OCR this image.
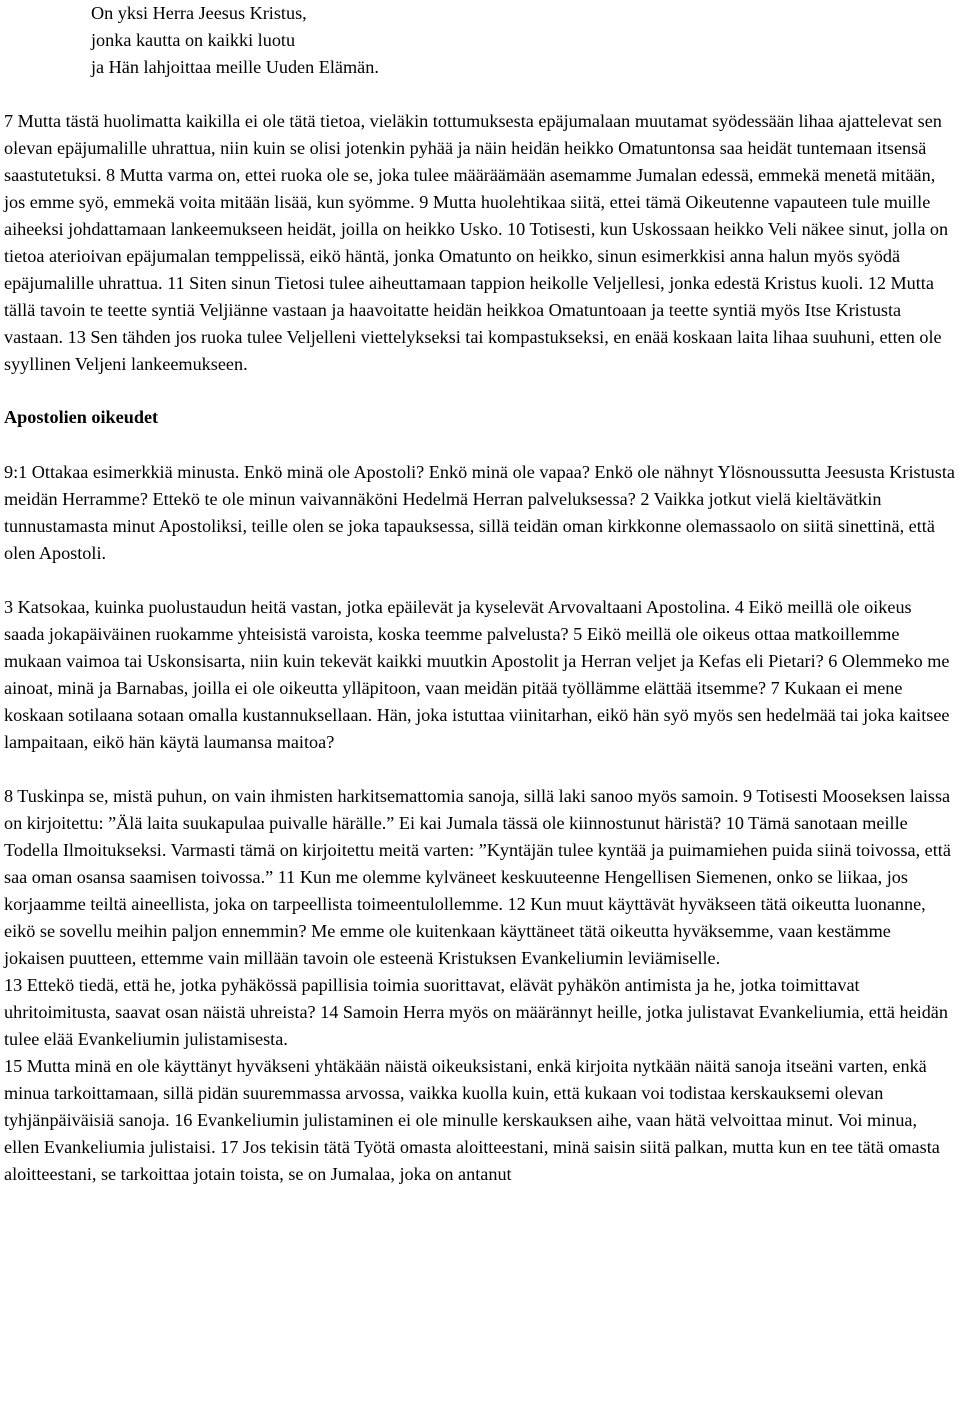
On yksi Herra Jeesus Kristus,
jonka kautta on kaikki luotu
ja Hän lahjoittaa meille Uuden Elämän.

7 Mutta tästä huolimatta kaikilla ei ole tätä tietoa, vieläkin tottumuksesta epäjumalaan muutamat syödessään lihaa ajattelevat sen olevan epäjumalille uhrattua, niin kuin se olisi jotenkin pyhää ja näin heidän heikko Omatuntonsa saa heidät tuntemaan itsensä saastutetuksi. 8 Mutta varma on, ettei ruoka ole se, joka tulee määräämään asemamme Jumalan edessä, emmekä menetä mitään, jos emme syö, emmekä voita mitään lisää, kun syömme. 9 Mutta huolehtikaa siitä, ettei tämä Oikeutenne vapauteen tule muille aiheeksi johdattamaan lankeemukseen heidät, joilla on heikko Usko. 10 Totisesti, kun Uskossaan heikko Veli näkee sinut, jolla on tietoa aterioivan epäjumalan temppelissä, eikö häntä, jonka Omatunto on heikko, sinun esimerkkisi anna halun myös syödä epäjumalille uhrattua. 11 Siten sinun Tietosi tulee aiheuttamaan tappion heikolle Veljellesi, jonka edestä Kristus kuoli. 12 Mutta tällä tavoin te teette syntiä Veljiänne vastaan ja haavoitatte heidän heikkoa Omatuntoaan ja teette syntiä myös Itse Kristusta vastaan. 13 Sen tähden jos ruoka tulee Veljelleni viettelykseksi tai kompastukseksi, en enää koskaan laita lihaa suuhuni, etten ole syyllinen Veljeni lankeemukseen.

Apostolien oikeudet

9:1 Ottakaa esimerkkiä minusta. Enkö minä ole Apostoli? Enkö minä ole vapaa? Enkö ole nähnyt Ylösnoussutta Jeesusta Kristusta meidän Herramme? Ettekö te ole minun vaivannäköni Hedelmä Herran palveluksessa? 2 Vaikka jotkut vielä kieltävätkin tunnustamasta minut Apostoliksi, teille olen se joka tapauksessa, sillä teidän oman kirkkonne olemassaolo on siitä sinettinä, että olen Apostoli.

3 Katsokaa, kuinka puolustaudun heitä vastan, jotka epäilevät ja kyselevät Arvovaltaani Apostolina. 4 Eikö meillä ole oikeus saada jokapäiväinen ruokamme yhteisistä varoista, koska teemme palvelusta? 5 Eikö meillä ole oikeus ottaa matkoillemme mukaan vaimoa tai Uskonsisarta, niin kuin tekevät kaikki muutkin Apostolit ja Herran veljet ja Kefas eli Pietari? 6 Olemmeko me ainoat, minä ja Barnabas, joilla ei ole oikeutta ylläpitoon, vaan meidän pitää työllämme elättää itsemme? 7 Kukaan ei mene koskaan sotilaana sotaan omalla kustannuksellaan. Hän, joka istuttaa viinitarhan, eikö hän syö myös sen hedelmää tai joka kaitsee lampaitaan, eikö hän käytä laumansa maitoa?

8 Tuskinpa se, mistä puhun, on vain ihmisten harkitsemattomia sanoja, sillä laki sanoo myös samoin. 9 Totisesti Mooseksen laissa on kirjoitettu: ”Älä laita suukapulaa puivalle härälle.” Ei kai Jumala tässä ole kiinnostunut häristä? 10 Tämä sanotaan meille Todella Ilmoitukseksi. Varmasti tämä on kirjoitettu meitä varten: ”Kyntäjän tulee kyntää ja puimamiehen puida siinä toivossa, että saa oman osansa saamisen toivossa.” 11 Kun me olemme kylväneet keskuuteenne Hengellisen Siemenen, onko se liikaa, jos korjaamme teiltä aineellista, joka on tarpeellista toimeentulollemme. 12 Kun muut käyttävät hyväkseen tätä oikeutta luonanne, eikö se sovellu meihin paljon ennemmin? Me emme ole kuitenkaan käyttäneet tätä oikeutta hyväksemme, vaan kestämme jokaisen puutteen, ettemme vain millään tavoin ole esteenä Kristuksen Evankeliumin leviämiselle.

13 Ettekö tiedä, että he, jotka pyhäkössä papillisia toimia suorittavat, elävät pyhäkön antimista ja he, jotka toimittavat uhritoimitusta, saavat osan näistä uhreista? 14 Samoin Herra myös on määrännyt heille, jotka julistavat Evankeliumia, että heidän tulee elää Evankeliumin julistamisesta.

15 Mutta minä en ole käyttänyt hyväkseni yhtäkään näistä oikeuksistani, enkä kirjoita nytkään näitä sanoja itseäni varten, enkä minua tarkoittamaan, sillä pidän suuremmassa arvossa, vaikka kuolla kuin, että kukaan voi todistaa kerskauksemi olevan tyhjänpäiväisiä sanoja. 16 Evankeliumin julistaminen ei ole minulle kerskauksen aihe, vaan hätä velvoittaa minut. Voi minua, ellen Evankeliumia julistaisi. 17 Jos tekisin tätä Työtä omasta aloitteestani, minä saisin siitä palkan, mutta kun en tee tätä omasta aloitteestani, se tarkoittaa jotain toista, se on Jumalaa, joka on antanut
